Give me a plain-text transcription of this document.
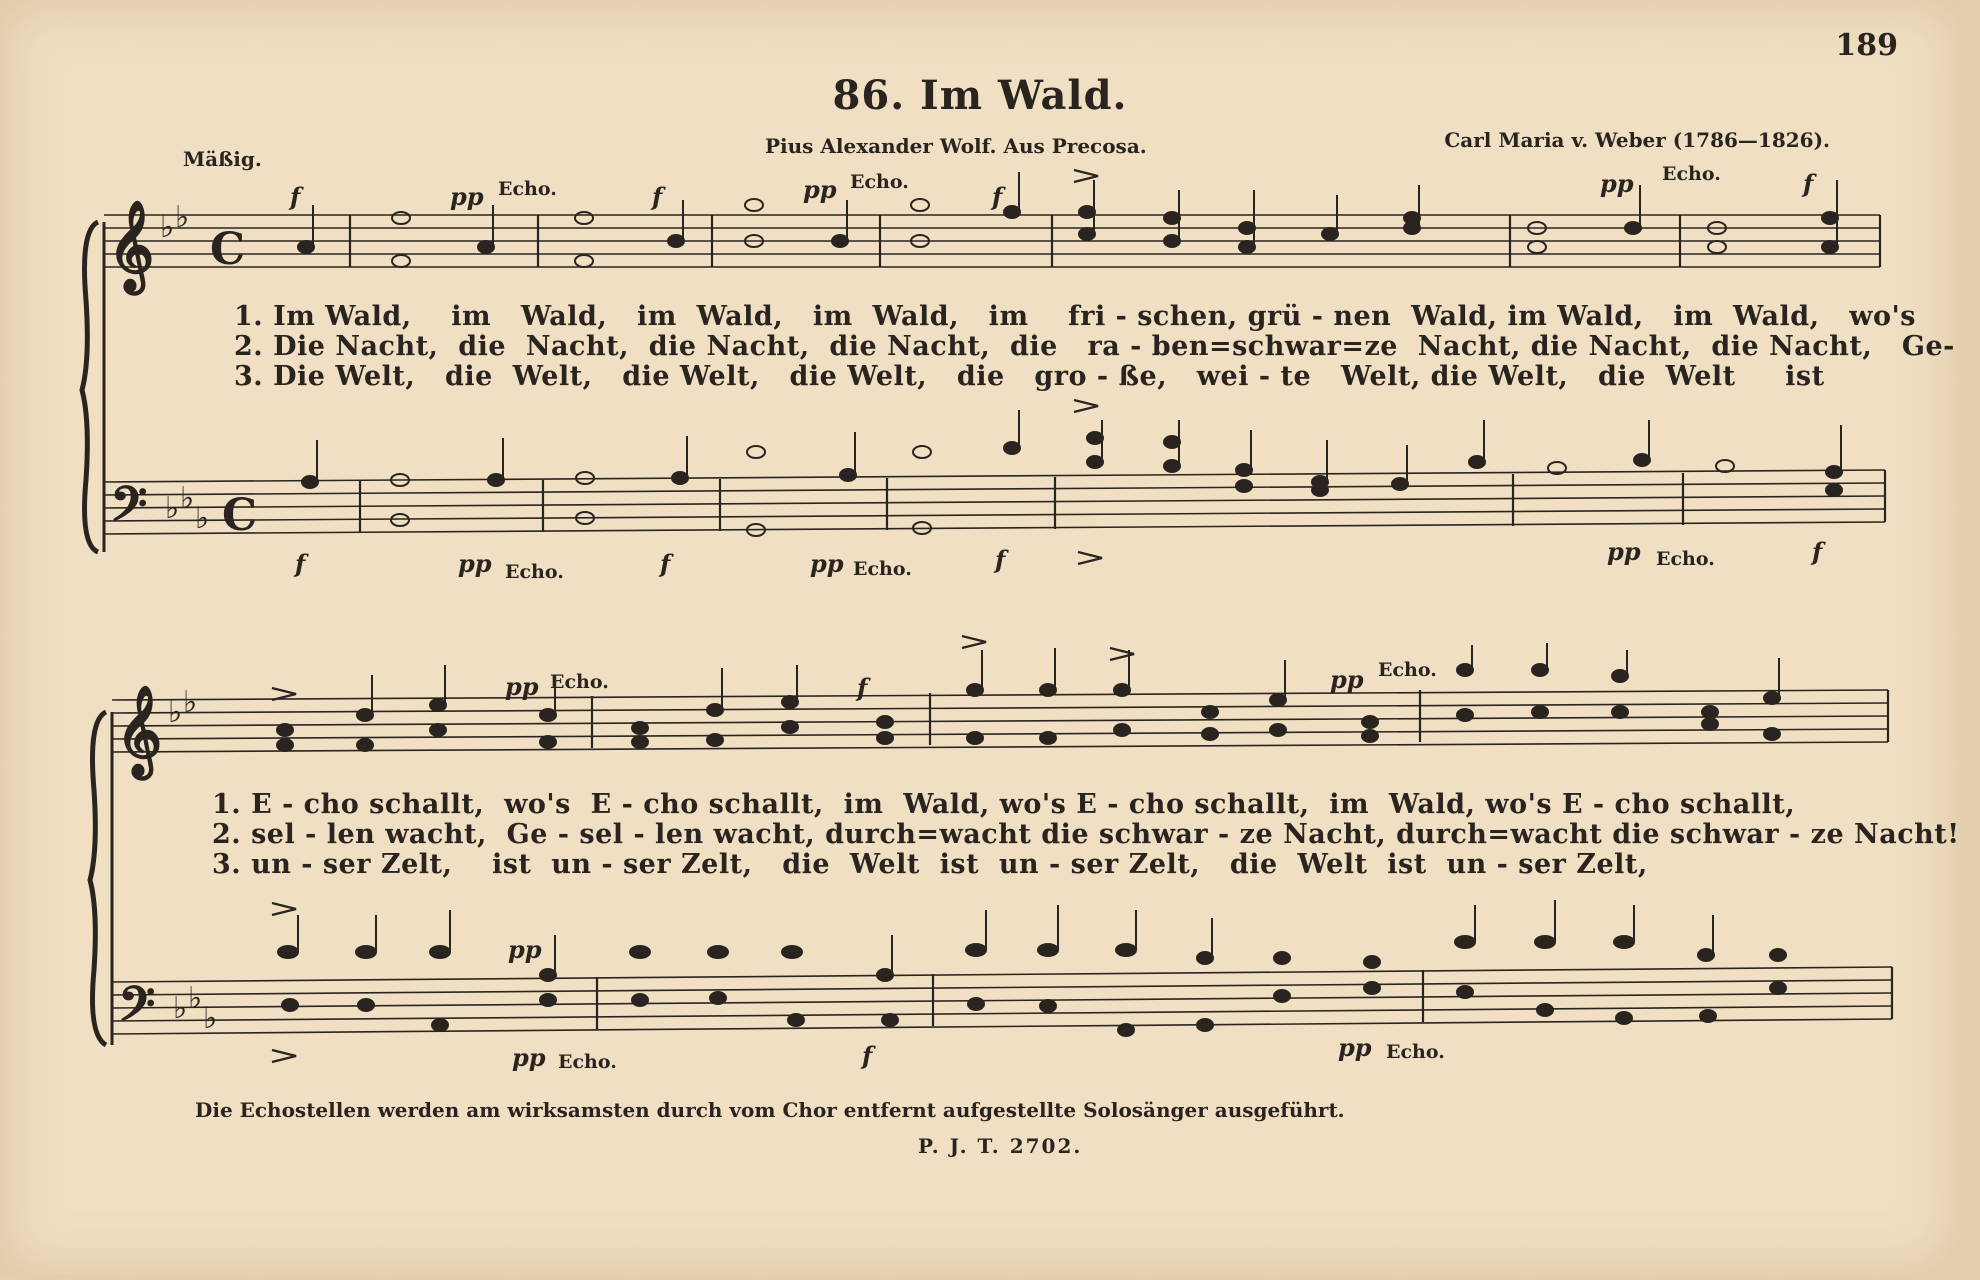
189
86. Im Wald.
Mäßig.
Pius Alexander Wolf. Aus Precosa.	Carl Maria v. Weber (1786—1826).
𝄞 ♭ ♭
C
𝄢 ♭ ♭
♭ C
𝄞 ♭ ♭
𝄢 ♭ ♭
♭
f	pp Echo.	f	pp Echo.	f	pp Echo.	f
f	pp Echo.	f	pp Echo.	f	pp Echo.	f
pp Echo.	f	pp Echo.
pp
pp Echo.	f	pp Echo.
1. Im Wald,    im   Wald,   im  Wald,   im  Wald,   im    fri - schen, grü - nen  Wald, im Wald,   im  Wald,   wo's
2. Die Nacht,  die  Nacht,  die Nacht,  die Nacht,  die   ra - ben=schwar=ze  Nacht, die Nacht,  die Nacht,   Ge-
3. Die Welt,   die  Welt,   die Welt,   die Welt,   die   gro - ße,   wei - te   Welt, die Welt,   die  Welt     ist
1. E - cho schallt,  wo's  E - cho schallt,  im  Wald, wo's E - cho schallt,  im  Wald, wo's E - cho schallt,
2. sel - len wacht,  Ge - sel - len wacht, durch=wacht die schwar - ze Nacht, durch=wacht die schwar - ze Nacht!
3. un - ser Zelt,    ist  un - ser Zelt,   die  Welt  ist  un - ser Zelt,   die  Welt  ist  un - ser Zelt,
Die Echostellen werden am wirksamsten durch vom Chor entfernt aufgestellte Solosänger ausgeführt.
P. J. T. 2702.
